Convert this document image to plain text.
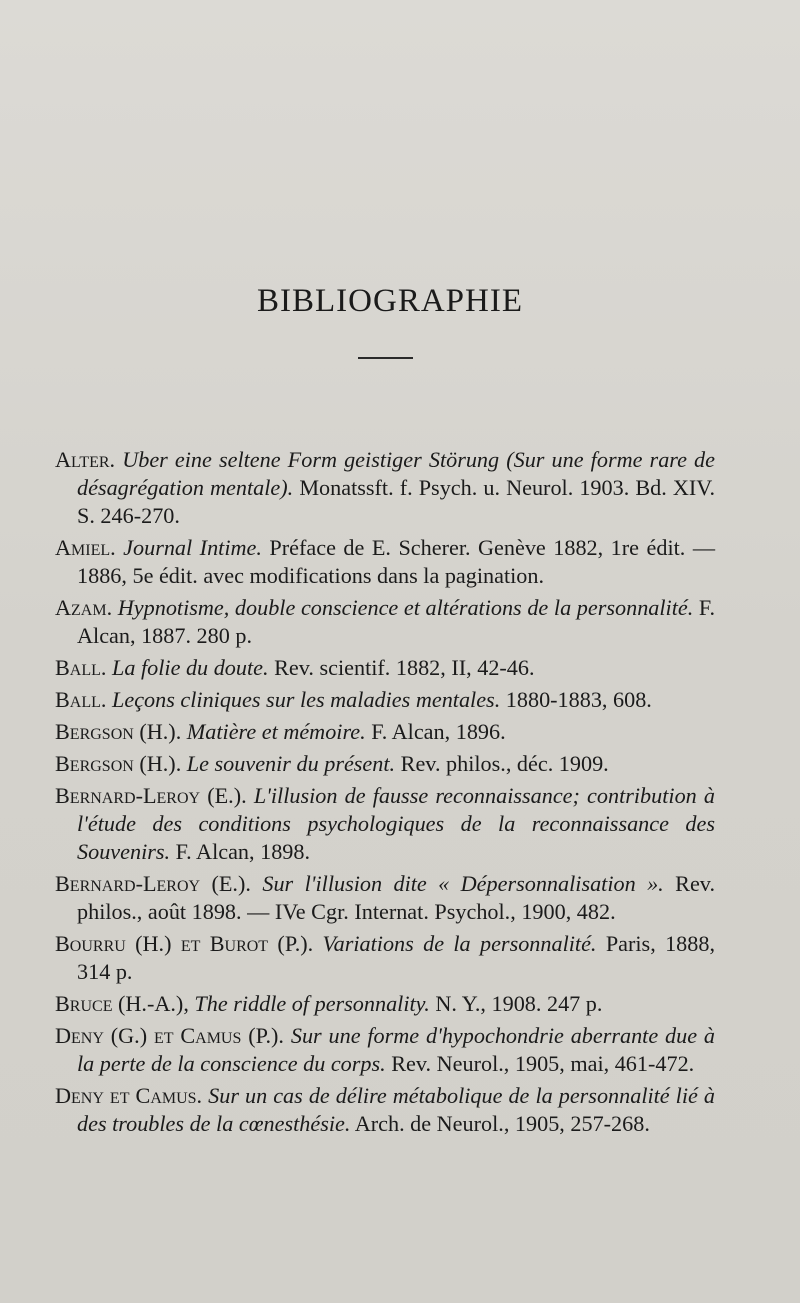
BIBLIOGRAPHIE
Alter. Uber eine seltene Form geistiger Störung (Sur une forme rare de désagrégation mentale). Monatssft. f. Psych. u. Neurol. 1903. Bd. XIV. S. 246-270.
Amiel. Journal Intime. Préface de E. Scherer. Genève 1882, 1re édit. — 1886, 5e édit. avec modifications dans la pagination.
Azam. Hypnotisme, double conscience et altérations de la personnalité. F. Alcan, 1887. 280 p.
Ball. La folie du doute. Rev. scientif. 1882, II, 42-46.
Ball. Leçons cliniques sur les maladies mentales. 1880-1883, 608.
Bergson (H.). Matière et mémoire. F. Alcan, 1896.
Bergson (H.). Le souvenir du présent. Rev. philos., déc. 1909.
Bernard-Leroy (E.). L'illusion de fausse reconnaissance; contribution à l'étude des conditions psychologiques de la reconnaissance des Souvenirs. F. Alcan, 1898.
Bernard-Leroy (E.). Sur l'illusion dite « Dépersonnalisation ». Rev. philos., août 1898. — IVe Cgr. Internat. Psychol., 1900, 482.
Bourru (H.) et Burot (P.). Variations de la personnalité. Paris, 1888, 314 p.
Bruce (H.-A.), The riddle of personnality. N. Y., 1908. 247 p.
Deny (G.) et Camus (P.). Sur une forme d'hypochondrie aberrante due à la perte de la conscience du corps. Rev. Neurol., 1905, mai, 461-472.
Deny et Camus. Sur un cas de délire métabolique de la personnalité lié à des troubles de la cœnesthésie. Arch. de Neurol., 1905, 257-268.
